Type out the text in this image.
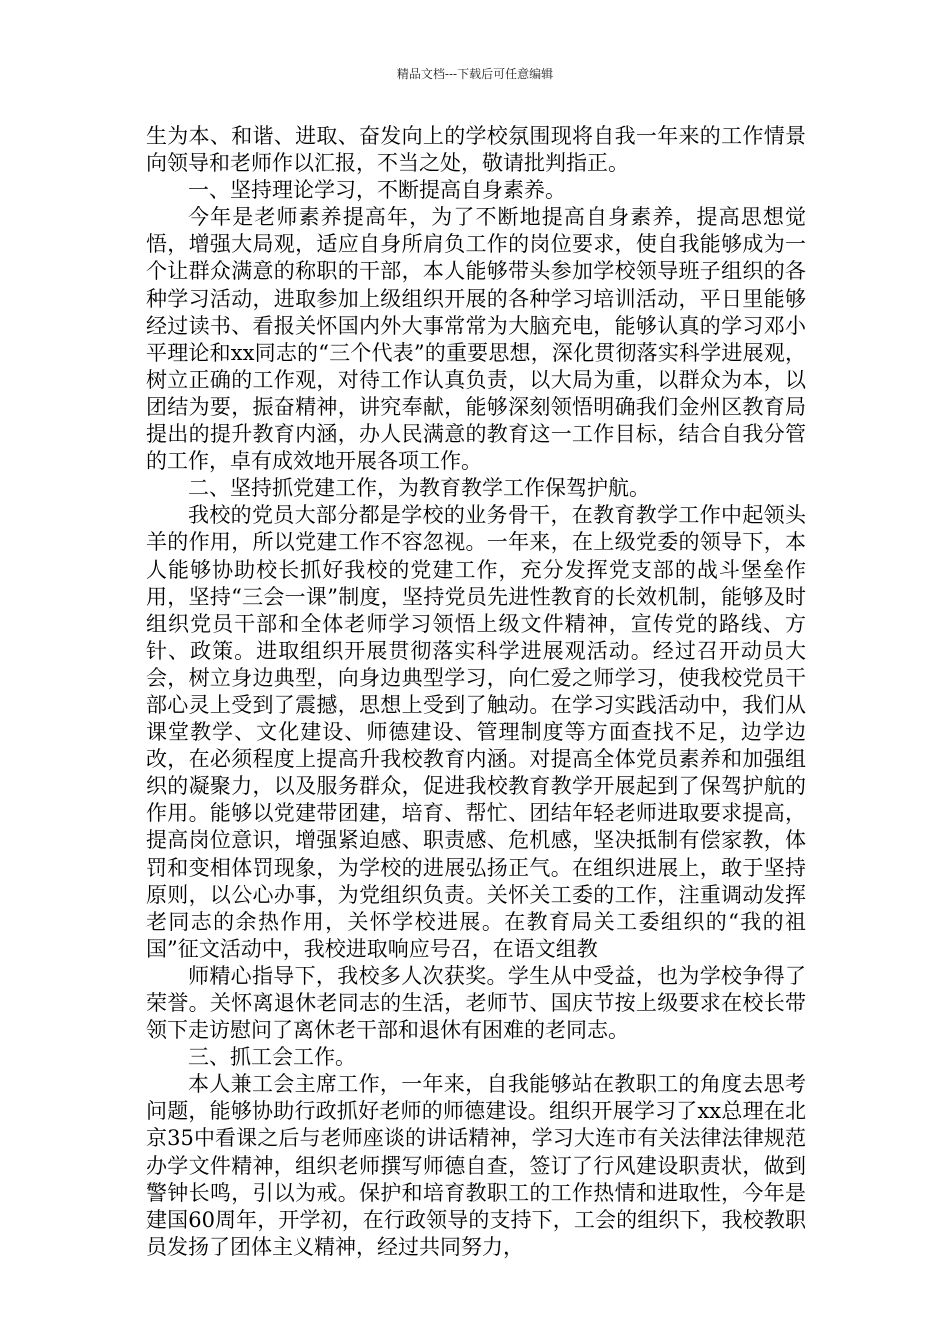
精品文档---下载后可任意编辑

生为本、和谐、进取、奋发向上的学校氛围现将自我一年来的工作情景向领导和老师作以汇报，不当之处，敬请批判指正。

一、坚持理论学习，不断提高自身素养。

今年是老师素养提高年，为了不断地提高自身素养，提高思想觉悟，增强大局观，适应自身所肩负工作的岗位要求，使自我能够成为一个让群众满意的称职的干部，本人能够带头参加学校领导班子组织的各种学习活动，进取参加上级组织开展的各种学习培训活动，平日里能够经过读书、看报关怀国内外大事常常为大脑充电，能够认真的学习邓小平理论和xx同志的“三个代表”的重要思想，深化贯彻落实科学进展观，树立正确的工作观，对待工作认真负责，以大局为重，以群众为本，以团结为要，振奋精神，讲究奉献，能够深刻领悟明确我们金州区教育局提出的提升教育内涵，办人民满意的教育这一工作目标，结合自我分管的工作，卓有成效地开展各项工作。

二、坚持抓党建工作，为教育教学工作保驾护航。

我校的党员大部分都是学校的业务骨干，在教育教学工作中起领头羊的作用，所以党建工作不容忽视。一年来，在上级党委的领导下，本人能够协助校长抓好我校的党建工作，充分发挥党支部的战斗堡垒作用，坚持“三会一课”制度，坚持党员先进性教育的长效机制，能够及时组织党员干部和全体老师学习领悟上级文件精神，宣传党的路线、方针、政策。进取组织开展贯彻落实科学进展观活动。经过召开动员大会，树立身边典型，向身边典型学习，向仁爱之师学习，使我校党员干部心灵上受到了震撼，思想上受到了触动。在学习实践活动中，我们从课堂教学、文化建设、师德建设、管理制度等方面查找不足，边学边改，在必须程度上提高升我校教育内涵。对提高全体党员素养和加强组织的凝聚力，以及服务群众，促进我校教育教学开展起到了保驾护航的作用。能够以党建带团建，培育、帮忙、团结年轻老师进取要求提高，提高岗位意识，增强紧迫感、职责感、危机感，坚决抵制有偿家教，体罚和变相体罚现象，为学校的进展弘扬正气。在组织进展上，敢于坚持原则，以公心办事，为党组织负责。关怀关工委的工作，注重调动发挥老同志的余热作用，关怀学校进展。在教育局关工委组织的“我的祖国”征文活动中，我校进取响应号召，在语文组教

师精心指导下，我校多人次获奖。学生从中受益，也为学校争得了荣誉。关怀离退休老同志的生活，老师节、国庆节按上级要求在校长带领下走访慰问了离休老干部和退休有困难的老同志。

三、抓工会工作。

本人兼工会主席工作，一年来，自我能够站在教职工的角度去思考问题，能够协助行政抓好老师的师德建设。组织开展学习了xx总理在北京35中看课之后与老师座谈的讲话精神，学习大连市有关法律法律规范办学文件精神，组织老师撰写师德自查，签订了行风建设职责状，做到警钟长鸣，引以为戒。保护和培育教职工的工作热情和进取性，今年是建国60周年，开学初，在行政领导的支持下，工会的组织下，我校教职员发扬了团体主义精神，经过共同努力，
